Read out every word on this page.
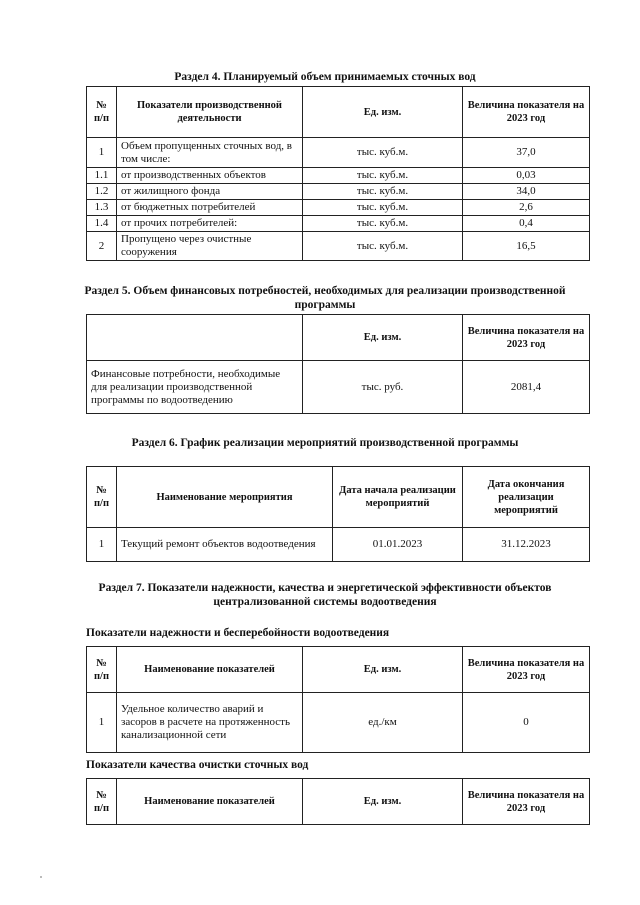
Раздел 4. Планируемый объем принимаемых сточных вод
№ п/п	Показатели производственной деятельности	Ед. изм.	Величина показателя на 2023 год
1	Объем пропущенных сточных вод, в том числе:	тыс. куб.м.	37,0
1.1	от производственных объектов	тыс. куб.м.	0,03
1.2	от жилищного фонда	тыс. куб.м.	34,0
1.3	от бюджетных потребителей	тыс. куб.м.	2,6
1.4	от прочих потребителей:	тыс. куб.м.	0,4
2	Пропущено через очистные сооружения	тыс. куб.м.	16,5
Раздел 5. Объем финансовых потребностей, необходимых для реализации производственной программы
	Ед. изм.	Величина показателя на 2023 год
Финансовые потребности, необходимые для реализации производственной программы по водоотведению	тыс. руб.	2081,4
Раздел 6. График реализации мероприятий производственной программы
№ п/п	Наименование мероприятия	Дата начала реализации мероприятий	Дата окончания реализации мероприятий
1	Текущий ремонт объектов водоотведения	01.01.2023	31.12.2023
Раздел 7. Показатели надежности, качества и энергетической эффективности объектов централизованной системы водоотведения
Показатели надежности и бесперебойности водоотведения
№ п/п	Наименование показателей	Ед. изм.	Величина показателя на 2023 год
1	Удельное количество аварий и засоров в расчете на протяженность канализационной сети	ед./км	0
Показатели качества очистки сточных вод
№ п/п	Наименование показателей	Ед. изм.	Величина показателя на 2023 год
